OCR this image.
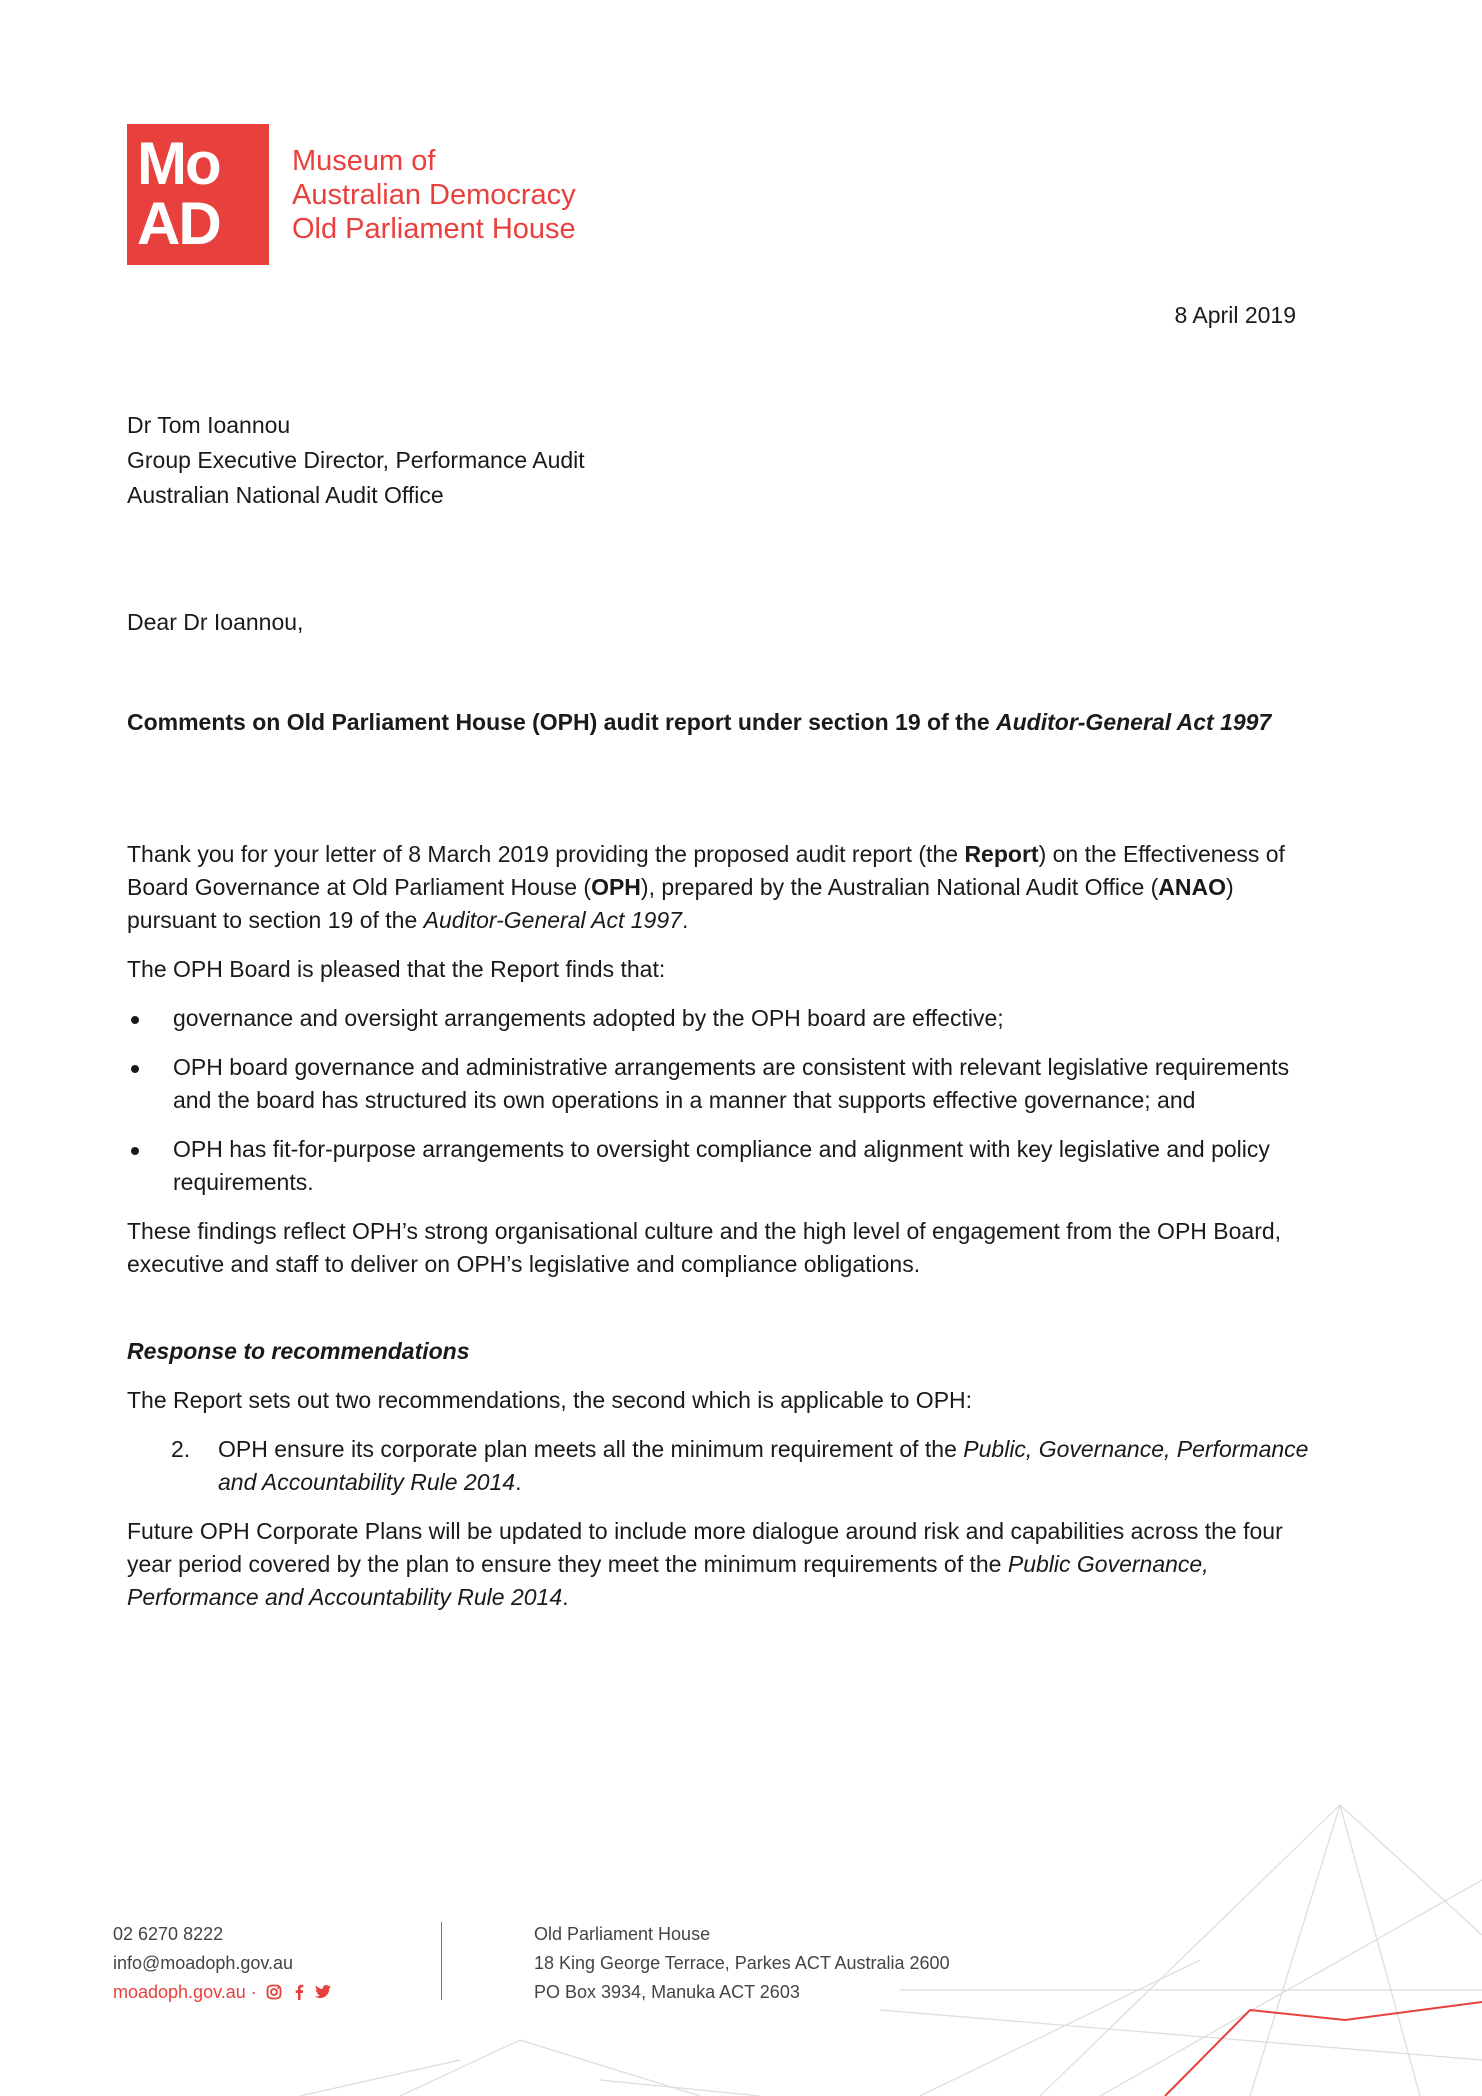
Mo
AD
Museum of
Australian Democracy
Old Parliament House
8 April 2019
Dr Tom Ioannou
Group Executive Director, Performance Audit
Australian National Audit Office
Dear Dr Ioannou,
Comments on Old Parliament House (OPH) audit report under section 19 of the Auditor-General Act 1997

Thank you for your letter of 8 March 2019 providing the proposed audit report (the Report) on the Effectiveness of Board Governance at Old Parliament House (OPH), prepared by the Australian National Audit Office (ANAO) pursuant to section 19 of the Auditor-General Act 1997.

The OPH Board is pleased that the Report finds that:

governance and oversight arrangements adopted by the OPH board are effective;
OPH board governance and administrative arrangements are consistent with relevant legislative requirements and the board has structured its own operations in a manner that supports effective governance; and
OPH has fit-for-purpose arrangements to oversight compliance and alignment with key legislative and policy requirements.

These findings reflect OPH’s strong organisational culture and the high level of engagement from the OPH Board, executive and staff to deliver on OPH’s legislative and compliance obligations.

Response to recommendations

The Report sets out two recommendations, the second which is applicable to OPH:

2. OPH ensure its corporate plan meets all the minimum requirement of the Public, Governance, Performance and Accountability Rule 2014.

Future OPH Corporate Plans will be updated to include more dialogue around risk and capabilities across the four year period covered by the plan to ensure they meet the minimum requirements of the Public Governance, Performance and Accountability Rule 2014.

02 6270 8222
info@moadoph.gov.au
moadoph.gov.au ·
Old Parliament House
18 King George Terrace, Parkes ACT Australia 2600
PO Box 3934, Manuka ACT 2603
